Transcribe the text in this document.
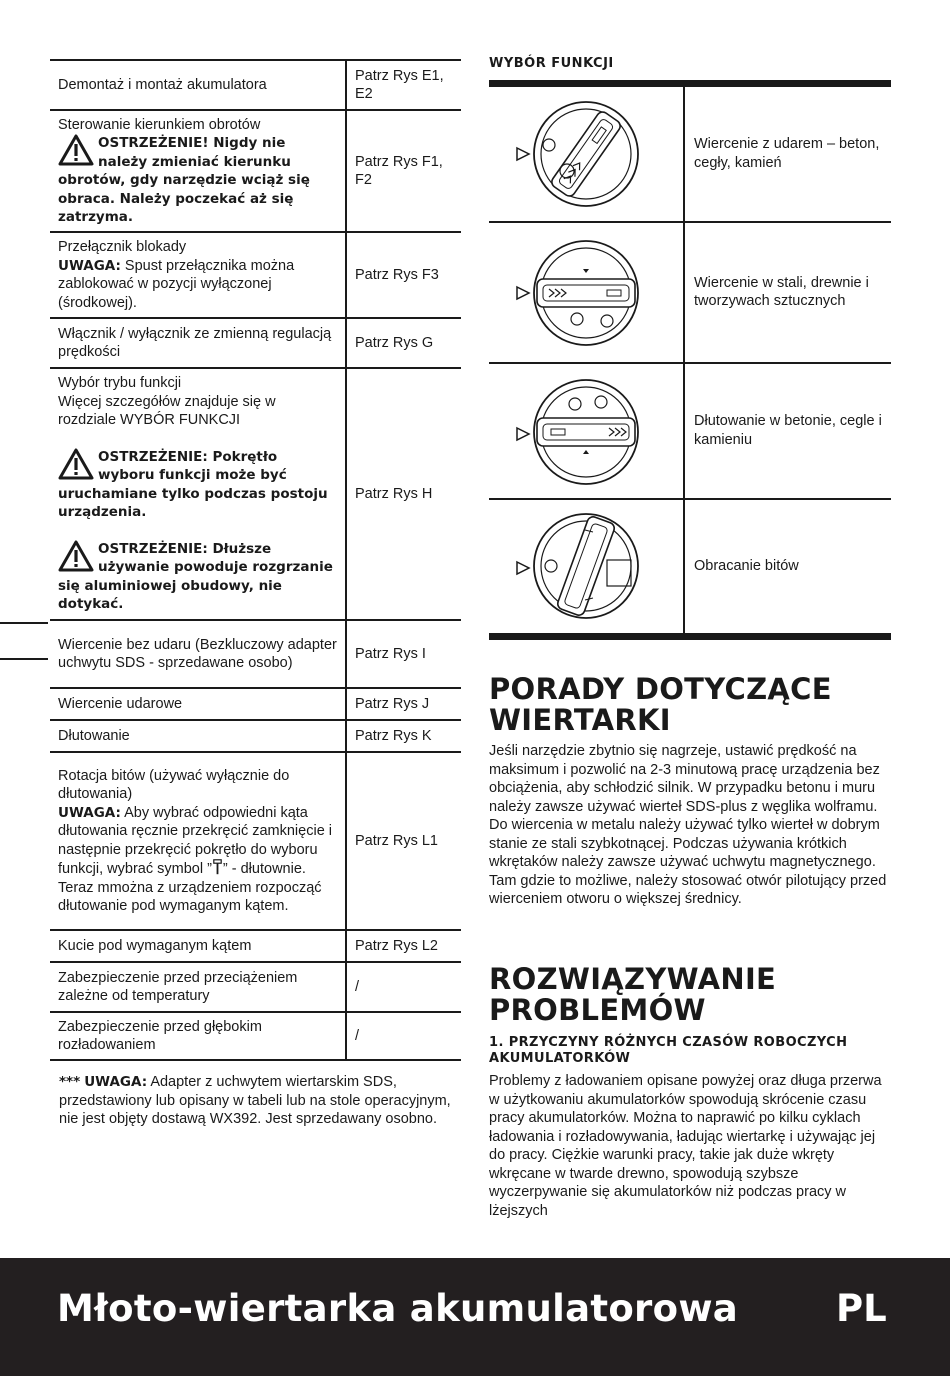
Demontaż i montaż akumulatora	Patrz Rys E1, E2

Sterowanie kierunkiem obrotów
OSTRZEŻENIE! Nigdy nie należy zmieniać kierunku obrotów, gdy narzędzie wciąż się obraca. Należy poczekać aż się zatrzyma.	Patrz Rys F1, F2

Przełącznik blokady
UWAGA: Spust przełącznika można zablokować w pozycji wyłączonej (środkowej).	Patrz Rys F3
Włącznik / wyłącznik ze zmienną regulacją prędkości	Patrz Rys G

Wybór trybu funkcji
Więcej szczegółów znajduje się w rozdziale WYBÓR FUNKCJI
OSTRZEŻENIE: Pokrętło wyboru funkcji może być uruchamiane tylko podczas postoju urządzenia.
OSTRZEŻENIE: Dłuższe używanie powoduje rozgrzanie się aluminiowej obudowy, nie dotykać.	Patrz Rys H
Wiercenie bez udaru (Bezkluczowy adapter uchwytu SDS - sprzedawane osobo)	Patrz Rys I
Wiercenie udarowe	Patrz Rys J
Dłutowanie	Patrz Rys K

Rotacja bitów (używać wyłącznie do dłutowania)
UWAGA: Aby wybrać odpowiedni kąta dłutowania ręcznie przekręcić zamknięcie i następnie przekręcić pokrętło do wyboru funkcji, wybrać symbol ” ” - dłutownie. Teraz mmożna z urządzeniem rozpocząć dłutowanie pod wymaganym kątem.	Patrz Rys L1
Kucie pod wymaganym kątem	Patrz Rys L2
Zabezpieczenie przed przeciążeniem zależne od temperatury	/
Zabezpieczenie przed głębokim rozładowaniem	/
*** UWAGA: Adapter z uchwytem wiertarskim SDS, przedstawiony lub opisany w tabeli lub na stole operacyjnym, nie jest objęty dostawą WX392. Jest sprzedawany osobno.
WYBÓR FUNKCJI
	Wiercenie z udarem – beton, cegły, kamień
	Wiercenie w stali, drewnie i tworzywach sztucznych
	Dłutowanie w betonie, cegle i kamieniu
	Obracanie bitów
PORADY DOTYCZĄCE WIERTARKI
Jeśli narzędzie zbytnio się nagrzeje, ustawić prędkość na maksimum i pozwolić na 2-3 minutową pracę urządzenia bez obciążenia, aby schłodzić silnik. W przypadku betonu i muru należy zawsze używać wierteł SDS-plus z węglika wolframu. Do wiercenia w metalu należy używać tylko wierteł w dobrym stanie ze stali szybkotnącej. Podczas używania krótkich wkrętaków należy zawsze używać uchwytu magnetycznego. Tam gdzie to możliwe, należy stosować otwór pilotujący przed wierceniem otworu o większej średnicy.
ROZWIĄZYWANIE PROBLEMÓW
1. PRZYCZYNY RÓŻNYCH CZASÓW ROBOCZYCH AKUMULATORKÓW
Problemy z ładowaniem opisane powyżej oraz długa przerwa w użytkowaniu akumulatorków spowodują skrócenie czasu pracy akumulatorków. Można to naprawić po kilku cyklach ładowania i rozładowywania, ładując wiertarkę i używając jej do pracy. Ciężkie warunki pracy, takie jak duże wkręty wkręcane w twarde drewno, spowodują szybsze wyczerpywanie się akumulatorków niż podczas pracy w lżejszych
Młoto-wiertarka akumulatorowa	PL
